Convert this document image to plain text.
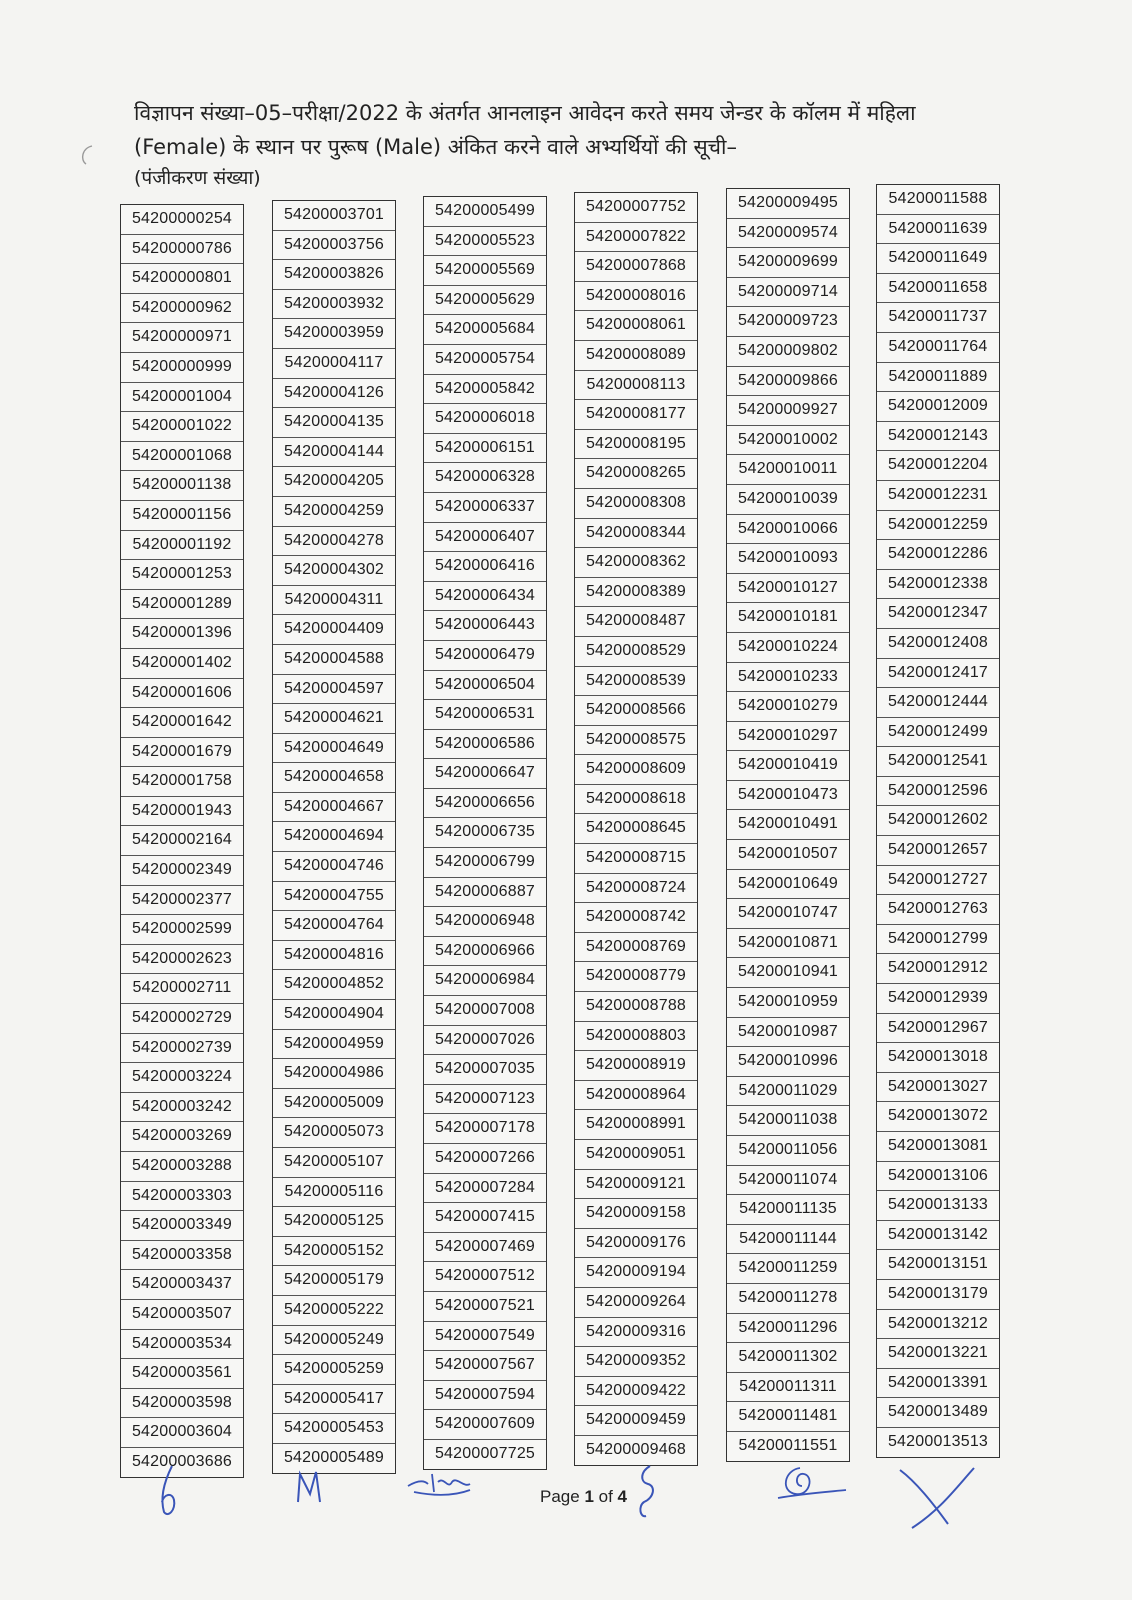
विज्ञापन संख्या–05–परीक्षा/2022 के अंतर्गत आनलाइन आवेदन करते समय जेन्डर के कॉलम में महिला
(Female) के स्थान पर पुरूष (Male) अंकित करने वाले अभ्यर्थियों की सूची–
(पंजीकरण संख्या)
54200000254
54200000786
54200000801
54200000962
54200000971
54200000999
54200001004
54200001022
54200001068
54200001138
54200001156
54200001192
54200001253
54200001289
54200001396
54200001402
54200001606
54200001642
54200001679
54200001758
54200001943
54200002164
54200002349
54200002377
54200002599
54200002623
54200002711
54200002729
54200002739
54200003224
54200003242
54200003269
54200003288
54200003303
54200003349
54200003358
54200003437
54200003507
54200003534
54200003561
54200003598
54200003604
54200003686
54200003701
54200003756
54200003826
54200003932
54200003959
54200004117
54200004126
54200004135
54200004144
54200004205
54200004259
54200004278
54200004302
54200004311
54200004409
54200004588
54200004597
54200004621
54200004649
54200004658
54200004667
54200004694
54200004746
54200004755
54200004764
54200004816
54200004852
54200004904
54200004959
54200004986
54200005009
54200005073
54200005107
54200005116
54200005125
54200005152
54200005179
54200005222
54200005249
54200005259
54200005417
54200005453
54200005489
54200005499
54200005523
54200005569
54200005629
54200005684
54200005754
54200005842
54200006018
54200006151
54200006328
54200006337
54200006407
54200006416
54200006434
54200006443
54200006479
54200006504
54200006531
54200006586
54200006647
54200006656
54200006735
54200006799
54200006887
54200006948
54200006966
54200006984
54200007008
54200007026
54200007035
54200007123
54200007178
54200007266
54200007284
54200007415
54200007469
54200007512
54200007521
54200007549
54200007567
54200007594
54200007609
54200007725
54200007752
54200007822
54200007868
54200008016
54200008061
54200008089
54200008113
54200008177
54200008195
54200008265
54200008308
54200008344
54200008362
54200008389
54200008487
54200008529
54200008539
54200008566
54200008575
54200008609
54200008618
54200008645
54200008715
54200008724
54200008742
54200008769
54200008779
54200008788
54200008803
54200008919
54200008964
54200008991
54200009051
54200009121
54200009158
54200009176
54200009194
54200009264
54200009316
54200009352
54200009422
54200009459
54200009468
54200009495
54200009574
54200009699
54200009714
54200009723
54200009802
54200009866
54200009927
54200010002
54200010011
54200010039
54200010066
54200010093
54200010127
54200010181
54200010224
54200010233
54200010279
54200010297
54200010419
54200010473
54200010491
54200010507
54200010649
54200010747
54200010871
54200010941
54200010959
54200010987
54200010996
54200011029
54200011038
54200011056
54200011074
54200011135
54200011144
54200011259
54200011278
54200011296
54200011302
54200011311
54200011481
54200011551
54200011588
54200011639
54200011649
54200011658
54200011737
54200011764
54200011889
54200012009
54200012143
54200012204
54200012231
54200012259
54200012286
54200012338
54200012347
54200012408
54200012417
54200012444
54200012499
54200012541
54200012596
54200012602
54200012657
54200012727
54200012763
54200012799
54200012912
54200012939
54200012967
54200013018
54200013027
54200013072
54200013081
54200013106
54200013133
54200013142
54200013151
54200013179
54200013212
54200013221
54200013391
54200013489
54200013513
Page 1 of 4
